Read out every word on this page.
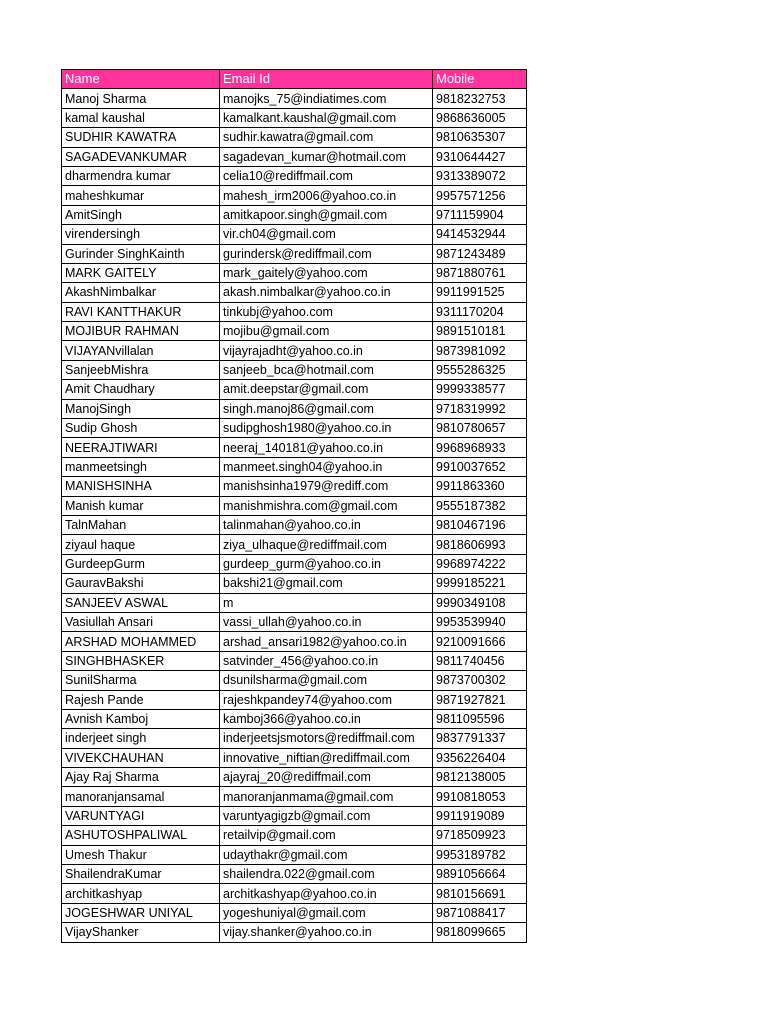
Name	Email Id	Mobile
Manoj Sharma	manojks_75@indiatimes.com	9818232753
kamal kaushal	kamalkant.kaushal@gmail.com	9868636005
SUDHIR KAWATRA	sudhir.kawatra@gmail.com	9810635307
SAGADEVANKUMAR	sagadevan_kumar@hotmail.com	9310644427
dharmendra kumar	celia10@rediffmail.com	9313389072
maheshkumar	mahesh_irm2006@yahoo.co.in	9957571256
AmitSingh	amitkapoor.singh@gmail.com	9711159904
virendersingh	vir.ch04@gmail.com	9414532944
Gurinder SinghKainth	gurindersk@rediffmail.com	9871243489
MARK GAITELY	mark_gaitely@yahoo.com	9871880761
AkashNimbalkar	akash.nimbalkar@yahoo.co.in	9911991525
RAVI KANTTHAKUR	tinkubj@yahoo.com	9311170204
MOJIBUR RAHMAN	mojibu@gmail.com	9891510181
VIJAYANvillalan	vijayrajadht@yahoo.co.in	9873981092
SanjeebMishra	sanjeeb_bca@hotmail.com	9555286325
Amit Chaudhary	amit.deepstar@gmail.com	9999338577
ManojSingh	singh.manoj86@gmail.com	9718319992
Sudip Ghosh	sudipghosh1980@yahoo.co.in	9810780657
NEERAJTIWARI	neeraj_140181@yahoo.co.in	9968968933
manmeetsingh	manmeet.singh04@yahoo.in	9910037652
MANISHSINHA	manishsinha1979@rediff.com	9911863360
Manish kumar	manishmishra.com@gmail.com	9555187382
TalnMahan	talinmahan@yahoo.co.in	9810467196
ziyaul haque	ziya_ulhaque@rediffmail.com	9818606993
GurdeepGurm	gurdeep_gurm@yahoo.co.in	9968974222
GauravBakshi	bakshi21@gmail.com	9999185221
SANJEEV ASWAL	m	9990349108
Vasiullah Ansari	vassi_ullah@yahoo.co.in	9953539940
ARSHAD MOHAMMED	arshad_ansari1982@yahoo.co.in	9210091666
SINGHBHASKER	satvinder_456@yahoo.co.in	9811740456
SunilSharma	dsunilsharma@gmail.com	9873700302
Rajesh Pande	rajeshkpandey74@yahoo.com	9871927821
Avnish Kamboj	kamboj366@yahoo.co.in	9811095596
inderjeet singh	inderjeetsjsmotors@rediffmail.com	9837791337
VIVEKCHAUHAN	innovative_niftian@rediffmail.com	9356226404
Ajay Raj Sharma	ajayraj_20@rediffmail.com	9812138005
manoranjansamal	manoranjanmama@gmail.com	9910818053
VARUNTYAGI	varuntyagigzb@gmail.com	9911919089
ASHUTOSHPALIWAL	retailvip@gmail.com	9718509923
Umesh Thakur	udaythakr@gmail.com	9953189782
ShailendraKumar	shailendra.022@gmail.com	9891056664
architkashyap	architkashyap@yahoo.co.in	9810156691
JOGESHWAR UNIYAL	yogeshuniyal@gmail.com	9871088417
VijayShanker	vijay.shanker@yahoo.co.in	9818099665
